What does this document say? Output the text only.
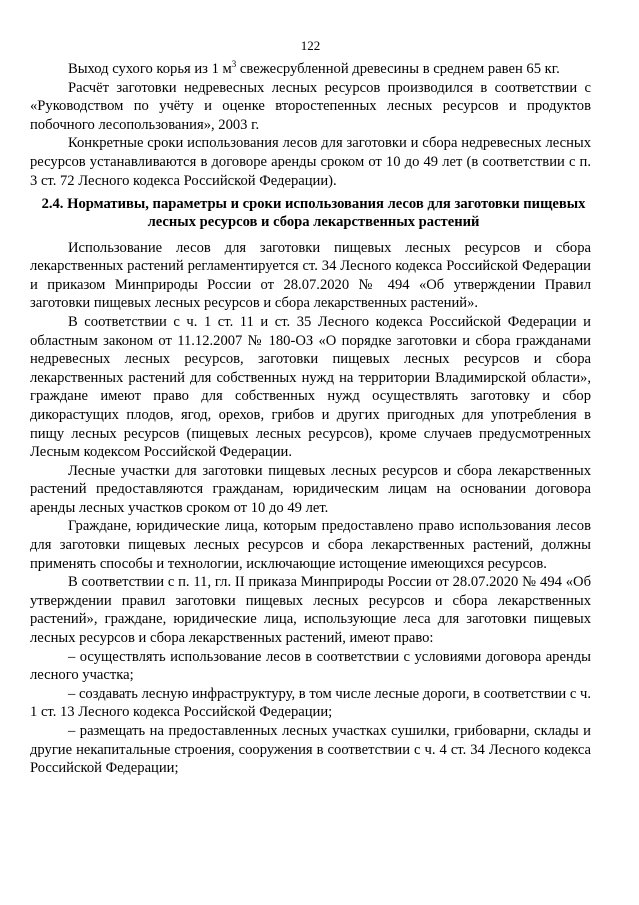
122

Выход сухого корья из 1 $м^3$ свежесрубленной древесины в среднем равен 65 кг.

Расчёт заготовки недревесных лесных ресурсов производился в соответствии с «Руководством по учёту и оценке второстепенных лесных ресурсов и продуктов побочного лесопользования», 2003 г.

Конкретные сроки использования лесов для заготовки и сбора недревесных лесных ресурсов устанавливаются в договоре аренды сроком от 10 до 49 лет (в соответствии с п. 3 ст. 72 Лесного кодекса Российской Федерации).

2.4. Нормативы, параметры и сроки использования лесов для заготовки пищевых лесных ресурсов и сбора лекарственных растений

Использование лесов для заготовки пищевых лесных ресурсов и сбора лекарственных растений регламентируется ст. 34 Лесного кодекса Российской Федерации и приказом Минприроды России от 28.07.2020 № 494 «Об утверждении Правил заготовки пищевых лесных ресурсов и сбора лекарственных растений».

В соответствии с ч. 1 ст. 11 и ст. 35 Лесного кодекса Российской Федерации и областным законом от 11.12.2007 № 180-ОЗ «О порядке заготовки и сбора гражданами недревесных лесных ресурсов, заготовки пищевых лесных ресурсов и сбора лекарственных растений для собственных нужд на территории Владимирской области», граждане имеют право для собственных нужд осуществлять заготовку и сбор дикорастущих плодов, ягод, орехов, грибов и других пригодных для употребления в пищу лесных ресурсов (пищевых лесных ресурсов), кроме случаев предусмотренных Лесным кодексом Российской Федерации.

Лесные участки для заготовки пищевых лесных ресурсов и сбора лекарственных растений предоставляются гражданам, юридическим лицам на основании договора аренды лесных участков сроком от 10 до 49 лет.

Граждане, юридические лица, которым предоставлено право использования лесов для заготовки пищевых лесных ресурсов и сбора лекарственных растений, должны применять способы и технологии, исключающие истощение имеющихся ресурсов.

В соответствии с п. 11, гл. II приказа Минприроды России от 28.07.2020 № 494 «Об утверждении правил заготовки пищевых лесных ресурсов и сбора лекарственных растений», граждане, юридические лица, использующие леса для заготовки пищевых лесных ресурсов и сбора лекарственных растений, имеют право:

– осуществлять использование лесов в соответствии с условиями договора аренды лесного участка;

– создавать лесную инфраструктуру, в том числе лесные дороги, в соответствии с ч. 1 ст. 13 Лесного кодекса Российской Федерации;

– размещать на предоставленных лесных участках сушилки, грибоварни, склады и другие некапитальные строения, сооружения в соответствии с ч. 4 ст. 34 Лесного кодекса Российской Федерации;
